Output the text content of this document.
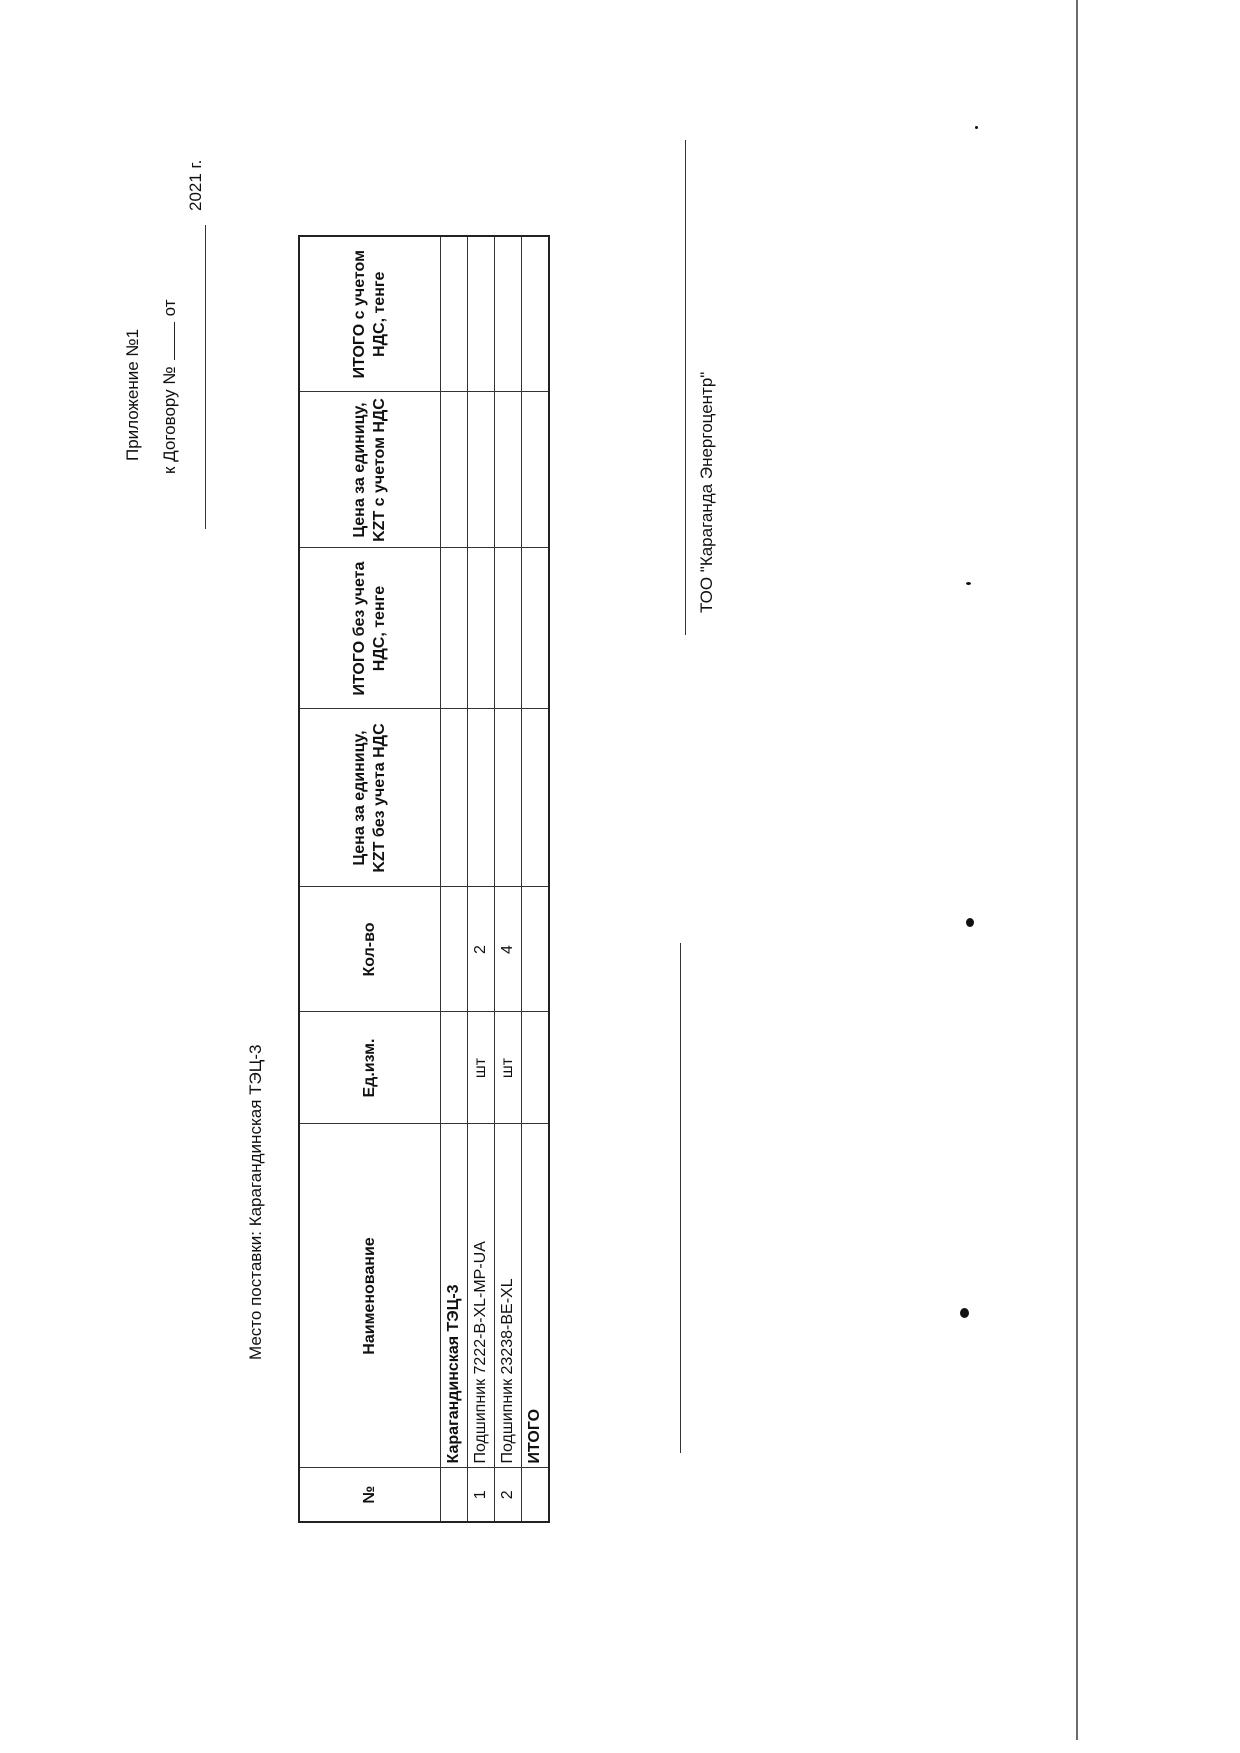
Приложение №1 к Договору №
от
2021 г.
Место поставки: Карагандинская ТЭЦ-3
№	Наименование	Ед.изм.	Кол-во	Цена за единицу, KZT без учета НДС	ИТОГО без учета НДС, тенге	Цена за единицу, KZT с учетом НДС	ИТОГО с учетом НДС, тенге
	Карагандинская ТЭЦ-3						
1	Подшипник 7222-B-XL-MP-UA	шт	2				
2	Подшипник 23238-BE-XL	шт	4				
	ИТОГО						
ТОО "Караганда Энергоцентр"
